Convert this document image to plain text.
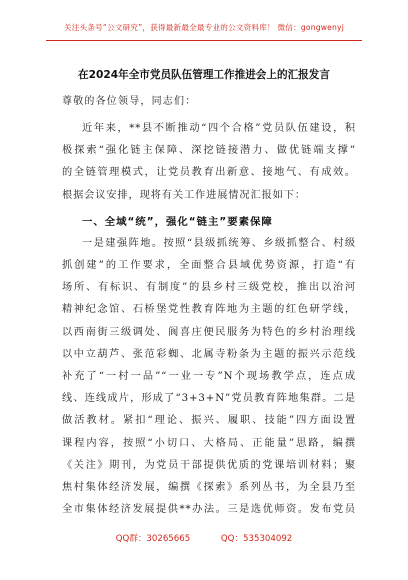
关注头条号“公文研究”，获得最新最全最专业的公文资料库！ 微信：gongwenyj
在2024年全市党员队伍管理工作推进会上的汇报发言
尊敬的各位领导，同志们：

近年来，**县不断推动“四个合格”党员队伍建设，积
极探索“强化链主保障、深挖链接潜力、做优链端支撑”
的全链管理模式，让党员教育出新意、接地气、有成效。
根据会议安排，现将有关工作进展情况汇报如下：

一、全域“统”，强化“链主”要素保障

一是建强阵地。按照“县级抓统筹、乡级抓整合、村级
抓创建”的工作要求，全面整合县域优势资源，打造“有
场所、有标识、有制度”的县乡村三级党校，推出以治河
精神纪念馆、石桥堡党性教育阵地为主题的红色研学线，
以西南街三级调处、阆喜庄便民服务为特色的乡村治理线
以中立葫芦、张范彩蜘、北属寺粉条为主题的振兴示范线
补充了“一村一品”“一业一专”N个现场教学点，连点成
线、连线成片，形成了“3+3+N”党员教育阵地集群。二是
做活教材。紧扣“理论、振兴、履职、技能”四方面设置
课程内容，按照“小切口、大格局、正能量”思路，编撰
《关注》期刊，为党员干部提供优质的党课培训材料；聚
焦村集体经济发展，编撰《探索》系列丛书，为全县乃至
全市集体经济发展提供**办法。三是选优师资。发布党员

QQ群：30265665	QQ：535304092
